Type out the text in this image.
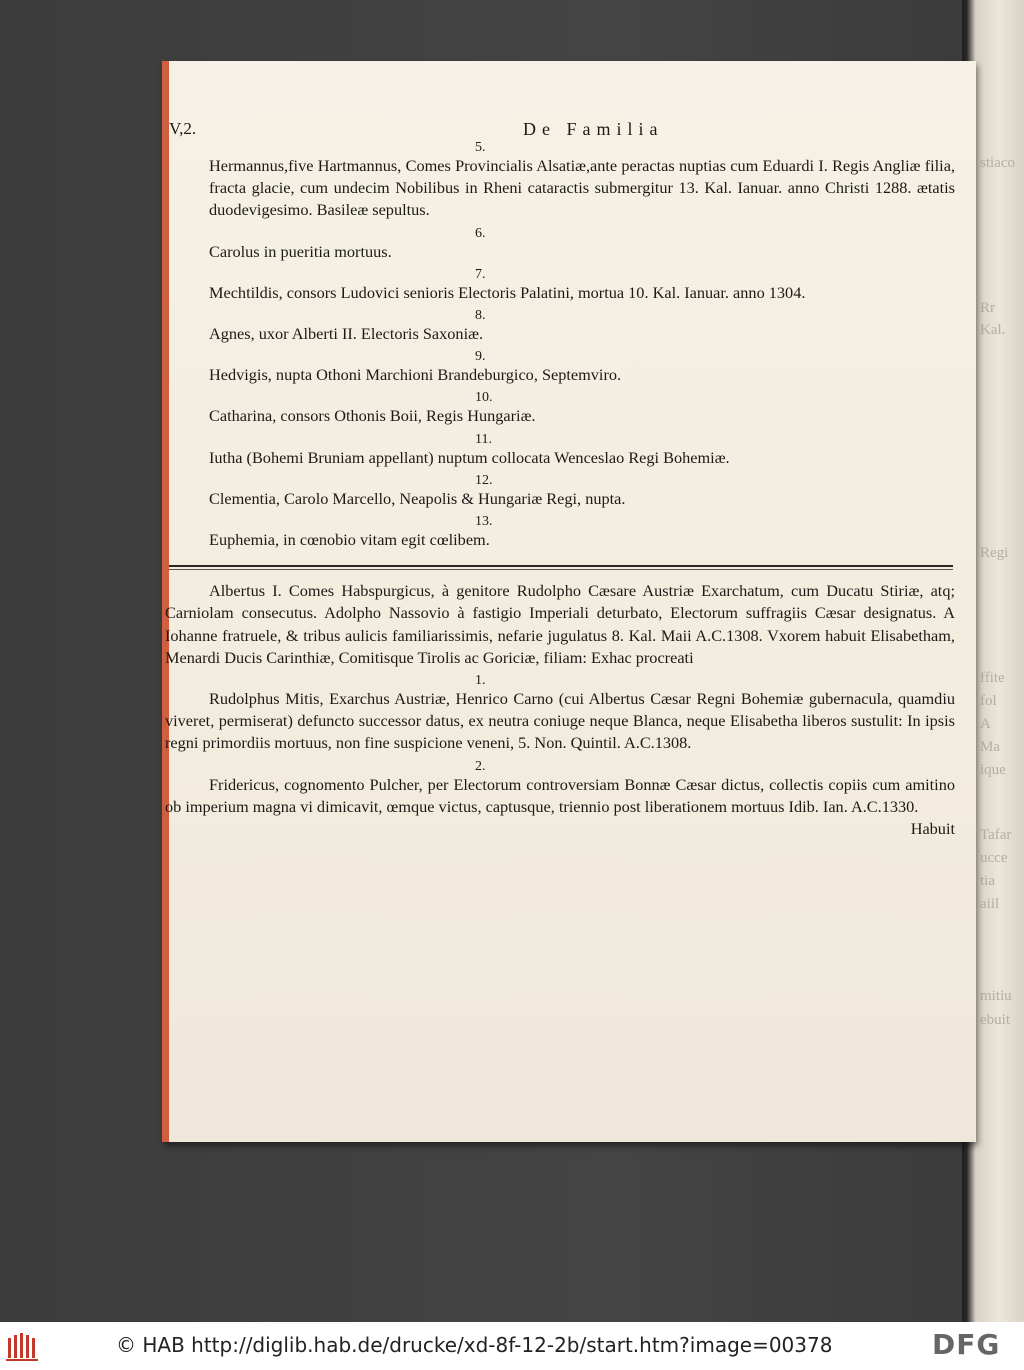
stiaco
Rr
Kal.
Regi
ffite
fol
A
Ma
ique
Tafar
ucce
tia
aiil
mitiu
ebuit
V,2.	De Familia
5.
Hermannus,five Hartmannus, Comes Provincialis Alsatiæ,ante peractas nuptias cum Eduardi I. Regis Angliæ filia, fracta glacie, cum undecim Nobilibus in Rheni cataractis submergitur 13. Kal. Ianuar. anno Christi 1288. ætatis duodevigesimo. Basileæ sepultus.
6.
Carolus in pueritia mortuus.
7.
Mechtildis, consors Ludovici senioris Electoris Palatini, mortua 10. Kal. Ianuar. anno 1304.
8.
Agnes, uxor Alberti II. Electoris Saxoniæ.
9.
Hedvigis, nupta Othoni Marchioni Brandeburgico, Septemviro.
10.
Catharina, consors Othonis Boii, Regis Hungariæ.
11.
Iutha (Bohemi Bruniam appellant) nuptum collocata Wenceslao Regi Bohemiæ.
12.
Clementia, Carolo Marcello, Neapolis & Hungariæ Regi, nupta.
13.
Euphemia, in cœnobio vitam egit cœlibem.
Albertus I. Comes Habspurgicus, à genitore Rudolpho Cæsare Austriæ Exarchatum, cum Ducatu Stiriæ, atq; Carniolam consecutus. Adolpho Nassovio à fastigio Imperiali deturbato, Electorum suffragiis Cæsar designatus. A Iohanne fratruele, & tribus aulicis familiarissimis, nefarie jugulatus 8. Kal. Maii A.C.1308. Vxorem habuit Elisabetham, Menardi Ducis Carinthiæ, Comitisque Tirolis ac Goriciæ, filiam: Exhac procreati
1.
Rudolphus Mitis, Exarchus Austriæ, Henrico Carno (cui Albertus Cæsar Regni Bohemiæ gubernacula, quamdiu viveret, permiserat) defuncto successor datus, ex neutra coniuge neque Blanca, neque Elisabetha liberos sustulit: In ipsis regni primordiis mortuus, non fine suspicione veneni, 5. Non. Quintil. A.C.1308.
2.
Fridericus, cognomento Pulcher, per Electorum controversiam Bonnæ Cæsar dictus, collectis copiis cum amitino ob imperium magna vi dimicavit, œmque victus, captusque, triennio post liberationem mortuus Idib. Ian. A.C.1330.
Habuit
© HAB http://diglib.hab.de/drucke/xd-8f-12-2b/start.htm?image=00378	DFG
